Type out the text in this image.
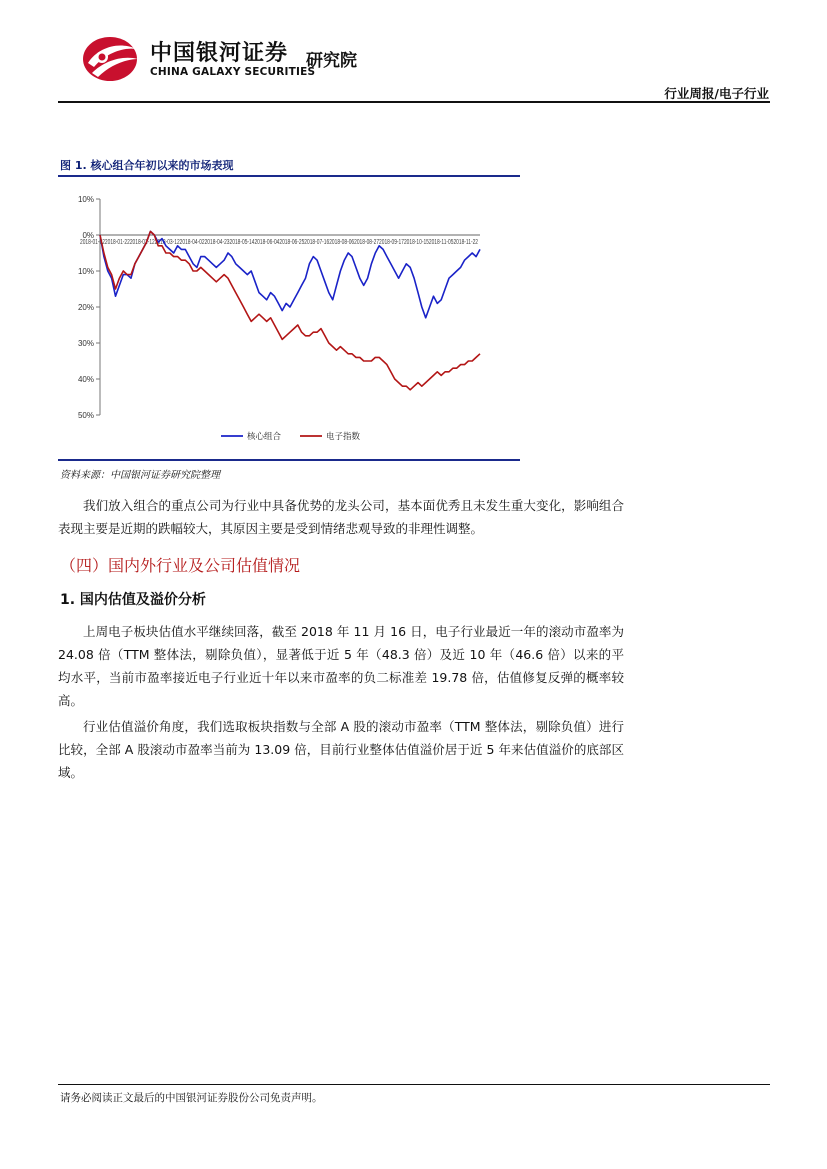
中国银河证券
CHINA GALAXY SECURITIES
研究院
行业周报/电子行业
图 1. 核心组合年初以来的市场表现
10%
0%
10%
20%
30%
40%
50%
2018-01-022018-01-222018-02-122018-03-122018-04-022018-04-232018-05-142018-06-042018-06-252018-07-162018-08-062018-08-272018-09-172018-10-152018-11-052018-11-22
核心组合	电子指数
资料来源：中国银河证券研究院整理

我们放入组合的重点公司为行业中具备优势的龙头公司，基本面优秀且未发生重大变化，影响组合表现主要是近期的跌幅较大，其原因主要是受到情绪悲观导致的非理性调整。

（四）国内外行业及公司估值情况
1. 国内估值及溢价分析

上周电子板块估值水平继续回落，截至 2018 年 11 月 16 日，电子行业最近一年的滚动市盈率为 24.08 倍（TTM 整体法，剔除负值），显著低于近 5 年（48.3 倍）及近 10 年（46.6 倍）以来的平均水平，当前市盈率接近电子行业近十年以来市盈率的负二标准差 19.78 倍，估值修复反弹的概率较高。

行业估值溢价角度，我们选取板块指数与全部 A 股的滚动市盈率（TTM 整体法，剔除负值）进行比较，全部 A 股滚动市盈率当前为 13.09 倍，目前行业整体估值溢价居于近 5 年来估值溢价的底部区域。

请务必阅读正文最后的中国银河证券股份公司免责声明。
